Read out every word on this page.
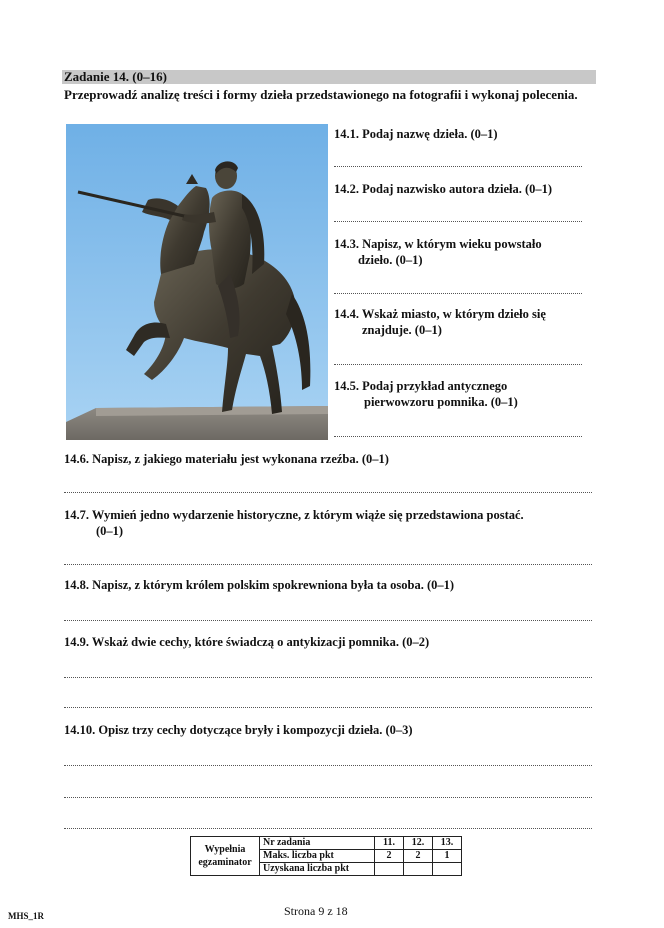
Zadanie 14. (0–16)
Przeprowadź analizę treści i formy dzieła przedstawionego na fotografii i wykonaj polecenia.
14.1. Podaj nazwę dzieła. (0–1)
14.2. Podaj nazwisko autora dzieła. (0–1)
14.3. Napisz, w którym wieku powstało
dzieło. (0–1)
14.4. Wskaż miasto, w którym dzieło się
znajduje. (0–1)
14.5. Podaj przykład antycznego
pierwowzoru pomnika. (0–1)
14.6. Napisz, z jakiego materiału jest wykonana rzeźba. (0–1)
14.7. Wymień jedno wydarzenie historyczne, z którym wiąże się przedstawiona postać.
(0–1)
14.8. Napisz, z którym królem polskim spokrewniona była ta osoba. (0–1)
14.9. Wskaż dwie cechy, które świadczą o antykizacji pomnika. (0–2)
14.10. Opisz trzy cechy dotyczące bryły i kompozycji dzieła. (0–3)
Wypełnia egzaminator	Nr zadania	11.	12.	13.
	Maks. liczba pkt	2	2	1
	Uzyskana liczba pkt			
MHS_1R	Strona 9 z 18
